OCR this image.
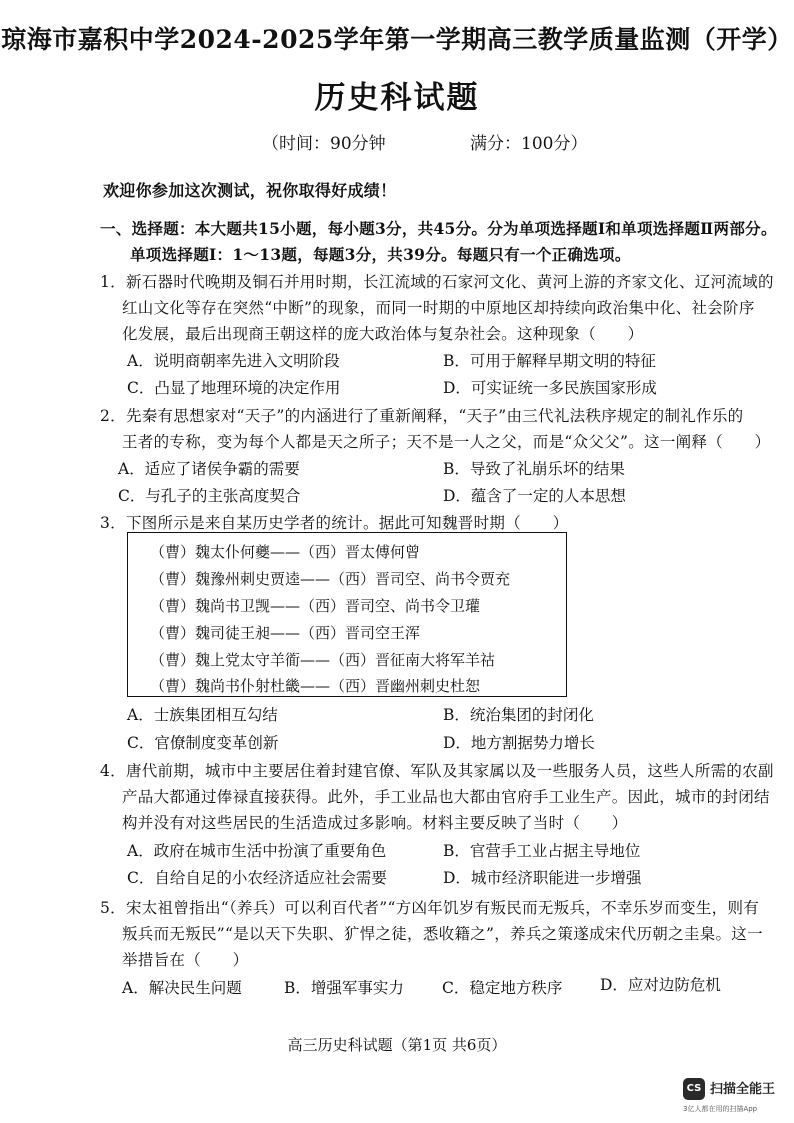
琼海市嘉积中学2024-2025学年第一学期高三教学质量监测（开学）
历史科试题
（时间：90分钟	满分：100分）
欢迎你参加这次测试，祝你取得好成绩！
一、选择题：本大题共15小题，每小题3分，共45分。分为单项选择题Ⅰ和单项选择题Ⅱ两部分。
单项选择题Ⅰ：1～13题，每题3分，共39分。每题只有一个正确选项。
1．新石器时代晚期及铜石并用时期，长江流域的石家河文化、黄河上游的齐家文化、辽河流域的
红山文化等存在突然“中断”的现象，而同一时期的中原地区却持续向政治集中化、社会阶序
化发展，最后出现商王朝这样的庞大政治体与复杂社会。这种现象（　　）
A．说明商朝率先进入文明阶段	B．可用于解释早期文明的特征
C．凸显了地理环境的决定作用	D．可实证统一多民族国家形成
2．先秦有思想家对“天子”的内涵进行了重新阐释，“天子”由三代礼法秩序规定的制礼作乐的
王者的专称，变为每个人都是天之所子；天不是一人之父，而是“众父父”。这一阐释（　　）
A．适应了诸侯争霸的需要	B．导致了礼崩乐坏的结果
C．与孔子的主张高度契合	D．蕴含了一定的人本思想
3．下图所示是来自某历史学者的统计。据此可知魏晋时期（　　）
（曹）魏太仆何夔——（西）晋太傅何曾
（曹）魏豫州刺史贾逵——（西）晋司空、尚书令贾充
（曹）魏尚书卫觊——（西）晋司空、尚书令卫瓘
（曹）魏司徒王昶——（西）晋司空王浑
（曹）魏上党太守羊衜——（西）晋征南大将军羊祜
（曹）魏尚书仆射杜畿——（西）晋幽州刺史杜恕
A．士族集团相互勾结	B．统治集团的封闭化
C．官僚制度变革创新	D．地方割据势力增长
4．唐代前期，城市中主要居住着封建官僚、军队及其家属以及一些服务人员，这些人所需的农副
产品大都通过俸禄直接获得。此外，手工业品也大都由官府手工业生产。因此，城市的封闭结
构并没有对这些居民的生活造成过多影响。材料主要反映了当时（　　）
A．政府在城市生活中扮演了重要角色	B．官营手工业占据主导地位
C．自给自足的小农经济适应社会需要	D．城市经济职能进一步增强
5．宋太祖曾指出“（养兵）可以利百代者”“方凶年饥岁有叛民而无叛兵，不幸乐岁而变生，则有
叛兵而无叛民”“是以天下失职、犷悍之徒，悉收籍之”，养兵之策遂成宋代历朝之圭臬。这一
举措旨在（　　）
A．解决民生问题	B．增强军事实力 C．稳定地方秩序 D．应对边防危机
高三历史科试题（第1页 共6页）
CS 扫描全能王
3亿人都在用的扫描App
